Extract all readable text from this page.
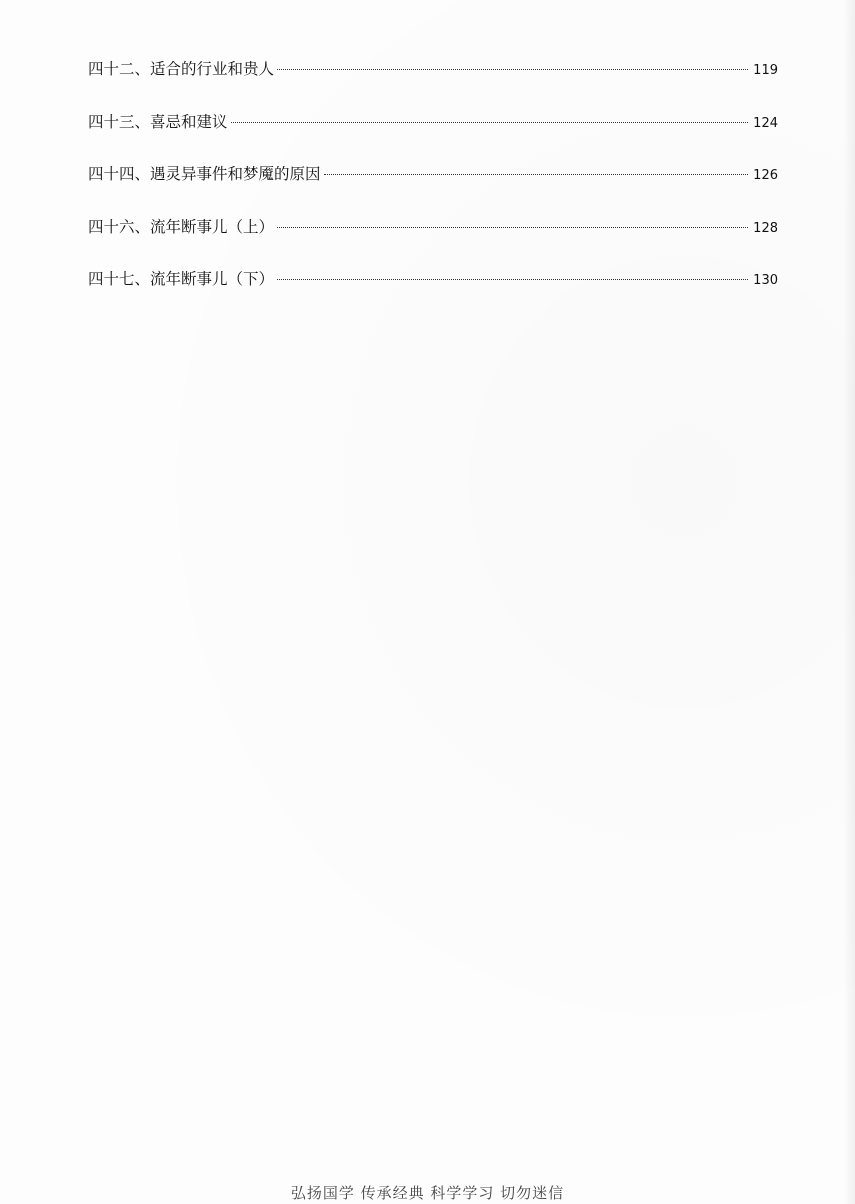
四十二、适合的行业和贵人	119
四十三、喜忌和建议	124
四十四、遇灵异事件和梦魇的原因	126
四十六、流年断事儿（上）	128
四十七、流年断事儿（下）	130
弘扬国学 传承经典 科学学习 切勿迷信
